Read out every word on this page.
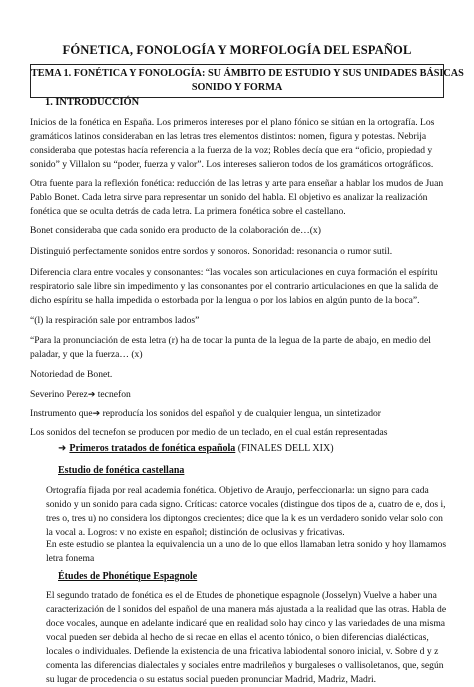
FÓNETICA, FONOLOGÍA Y MORFOLOGÍA DEL ESPAÑOL
TEMA 1. FONÉTICA Y FONOLOGÍA: SU ÁMBITO DE ESTUDIO Y SUS UNIDADES BÁSICAS
SONIDO Y FORMA
1. INTRODUCCIÓN
Inicios de la fonética en España. Los primeros intereses por el plano fónico se sitúan en la ortografía. Los
gramáticos latinos consideraban en las letras tres elementos distintos: nomen, figura y potestas. Nebrija
consideraba que potestas hacía referencia a la fuerza de la voz; Robles decía que era “oficio, propiedad y
sonido” y Villalon su “poder, fuerza y valor”. Los intereses salieron todos de los gramáticos ortográficos.
Otra fuente para la reflexión fonética: reducción de las letras y arte para enseñar a hablar los mudos de Juan
Pablo Bonet. Cada letra sirve para representar un sonido del habla. El objetivo es analizar la realización
fonética que se oculta detrás de cada letra. La primera fonética sobre el castellano.
Bonet consideraba que cada sonido era producto de la colaboración de…(x)
Distinguió perfectamente sonidos entre sordos y sonoros. Sonoridad: resonancia o rumor sutil.
Diferencia clara entre vocales y consonantes: “las vocales son articulaciones en cuya formación el espíritu
respiratorio sale libre sin impedimento y las consonantes por el contrario articulaciones en que la salida de
dicho espíritu se halla impedida o estorbada por la lengua o por los labios en algún punto de la boca”.
“(l) la respiración sale por entrambos lados”
“Para la pronunciación de esta letra (r) ha de tocar la punta de la legua de la parte de abajo, en medio del
paladar, y que la fuerza… (x)
Notoriedad de Bonet.
Severino Perez➔ tecnefon
Instrumento que➔ reproducía los sonidos del español y de cualquier lengua, un sintetizador
Los sonidos del tecnefon se producen por medio de un teclado, en el cual están representadas
➜ Primeros tratados de fonética española (FINALES DELL XIX)
Estudio de fonética castellana
Ortografía fijada por real academia fonética. Objetivo de Araujo, perfeccionarla: un signo para cada
sonido y un sonido para cada signo. Críticas: catorce vocales (distingue dos tipos de a, cuatro de e, dos i,
tres o, tres u) no considera los diptongos crecientes; dice que la k es un verdadero sonido velar solo con
la vocal a. Logros: v no existe en español; distinción de oclusivas y fricativas.
En este estudio se plantea la equivalencia un a uno de lo que ellos llamaban letra sonido y hoy llamamos
letra fonema
Études de Phonétique Espagnole
El segundo tratado de fonética es el de Etudes de phonetique espagnole (Josselyn) Vuelve a haber una
caracterización de l sonidos del español de una manera más ajustada a la realidad que las otras. Habla de
doce vocales, aunque en adelante indicaré que en realidad solo hay cinco y las variedades de una misma
vocal pueden ser debida al hecho de si recae en ellas el acento tónico, o bien diferencias dialécticas,
locales o individuales. Defiende la existencia de una fricativa labiodental sonoro inicial, v. Sobre d y z
comenta las diferencias dialectales y sociales entre madrileños y burgaleses o vallisoletanos, que, según
su lugar de procedencia o su estatus social pueden pronunciar Madrid, Madriz, Madri.
